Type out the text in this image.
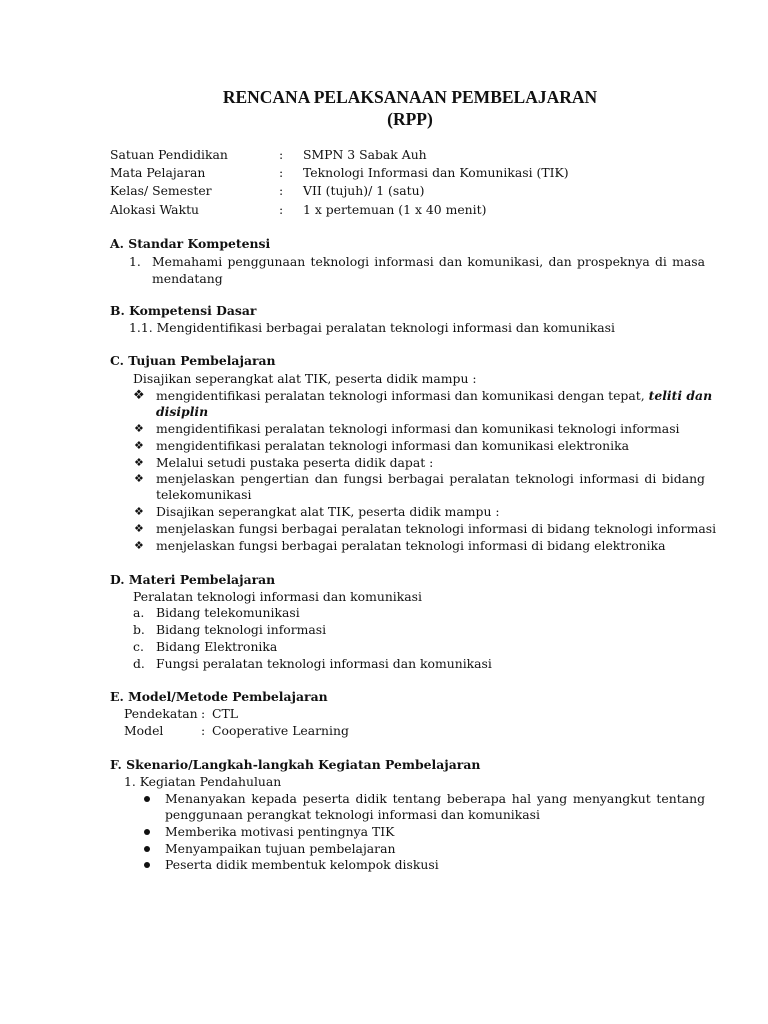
RENCANA PELAKSANAAN PEMBELAJARAN
(RPP)
Satuan Pendidikan	: SMPN 3 Sabak Auh
Mata Pelajaran	: Teknologi Informasi dan Komunikasi (TIK)
Kelas/ Semester	: VII (tujuh)/ 1 (satu)
Alokasi Waktu	: 1 x pertemuan (1 x 40 menit)
A. Standar Kompetensi
1. Memahami penggunaan teknologi informasi dan komunikasi, dan prospeknya di masa
mendatang
B. Kompetensi Dasar
1.1. Mengidentifikasi berbagai peralatan teknologi informasi dan komunikasi
C. Tujuan Pembelajaran
Disajikan seperangkat alat TIK, peserta didik mampu :
❖ mengidentifikasi peralatan teknologi informasi dan komunikasi dengan tepat, teliti dan
disiplin
❖ mengidentifikasi peralatan teknologi informasi dan komunikasi teknologi informasi
❖ mengidentifikasi peralatan teknologi informasi dan komunikasi elektronika
❖ Melalui setudi pustaka peserta didik dapat :
❖ menjelaskan pengertian dan fungsi berbagai peralatan teknologi informasi di bidang
telekomunikasi
❖ Disajikan seperangkat alat TIK, peserta didik mampu :
❖ menjelaskan fungsi berbagai peralatan teknologi informasi di bidang teknologi informasi
❖ menjelaskan fungsi berbagai peralatan teknologi informasi di bidang elektronika
D. Materi Pembelajaran
Peralatan teknologi informasi dan komunikasi
a. Bidang telekomunikasi
b. Bidang teknologi informasi
c. Bidang Elektronika
d. Fungsi peralatan teknologi informasi dan komunikasi
E. Model/Metode Pembelajaran
Pendekatan : CTL
Model	: Cooperative Learning
F. Skenario/Langkah-langkah Kegiatan Pembelajaran
1. Kegiatan Pendahuluan
Menanyakan kepada peserta didik tentang beberapa hal yang menyangkut tentang
penggunaan perangkat teknologi informasi dan komunikasi
Memberika motivasi pentingnya TIK
Menyampaikan tujuan pembelajaran
Peserta didik membentuk kelompok diskusi
